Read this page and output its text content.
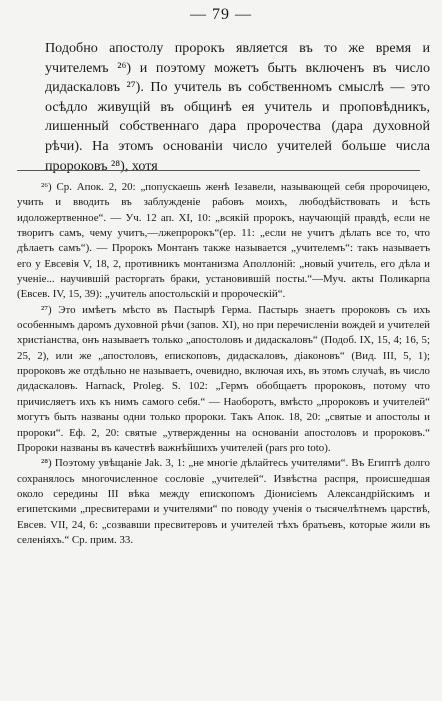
— 79 —

Подобно апостолу пророкъ является въ то же время и учителемъ ²⁶) и поэтому можетъ быть включенъ въ число дидаскаловъ ²⁷). По учитель въ собственномъ смыслѣ — это осѣдло живущій въ общинѣ ея учитель и проповѣдникъ, лишенный собственнаго дара пророчества (дара духовной рѣчи). На этомъ основаніи число учителей больше числа пророковъ ²⁸), хотя

²⁶) Ср. Апок. 2, 20: „попускаешь женѣ Іезавели, называющей себя пророчицею, учить и вводить въ заблужденіе рабовъ моихъ, любодѣйствовать и ѣсть идоложертвенное“. — Уч. 12 ап. XI, 10: „всякій пророкъ, научающій правдѣ, если не творитъ самъ, чему учитъ,—лжепророкъ“(ер. 11: „если не учитъ дѣлать все то, что дѣлаетъ самъ“). — Пророкъ Монтанъ также называется „учителемъ“: такъ называетъ его у Евсевія V, 18, 2, противникъ монтанизма Аполлоній: „новый учитель, его дѣла и ученіе... научившій расторгать браки, установившій посты.“—Муч. акты Поликарпа (Евсев. IV, 15, 39): „учитель апостольскій и пророческій“.

²⁷) Это имѣетъ мѣсто въ Пастырѣ Герма. Пастырь знаетъ пророковъ съ ихъ особеннымъ даромъ духовной рѣчи (запов. XI), но при перечисленіи вождей и учителей христіанства, онъ называетъ только „апостоловъ и дидаскаловъ“ (Подоб. IX, 15, 4; 16, 5; 25, 2), или же „апостоловъ, епископовъ, дидаскаловъ, діаконовъ“ (Вид. III, 5, 1); пророковъ же отдѣльно не называетъ, очевидно, включая ихъ, въ этомъ случаѣ, въ число дидаскаловъ. Harnack, Proleg. S. 102: „Гермъ обобщаетъ пророковъ, потому что причисляетъ ихъ къ нимъ самого себя.“ — Наоборотъ, вмѣсто „пророковъ и учителей“ могутъ быть названы одни только пророки. Такъ Апок. 18, 20: „святые и апостолы и пророки“. Еф. 2, 20: святые „утвержденны на основаніи апостоловъ и пророковъ.“ Пророки названы въ качествѣ важнѣйшихъ учителей (pars pro toto).

²⁸) Поэтому увѣщаніе Jak. 3, 1: „не многіе дѣлайтесь учителями“. Въ Египтѣ долго сохранялось многочисленное сословіе „учителей“. Извѣстна распря, происшедшая около середины III вѣка между епископомъ Діонисіемъ Александрійскимъ и египетскими „пресвитерами и учителями“ по поводу ученія о тысячелѣтнемъ царствѣ, Евсев. VII, 24, 6: „созвавши пресвитеровъ и учителей тѣхъ братьевъ, которые жили въ селеніяхъ.“ Ср. прим. 33.
